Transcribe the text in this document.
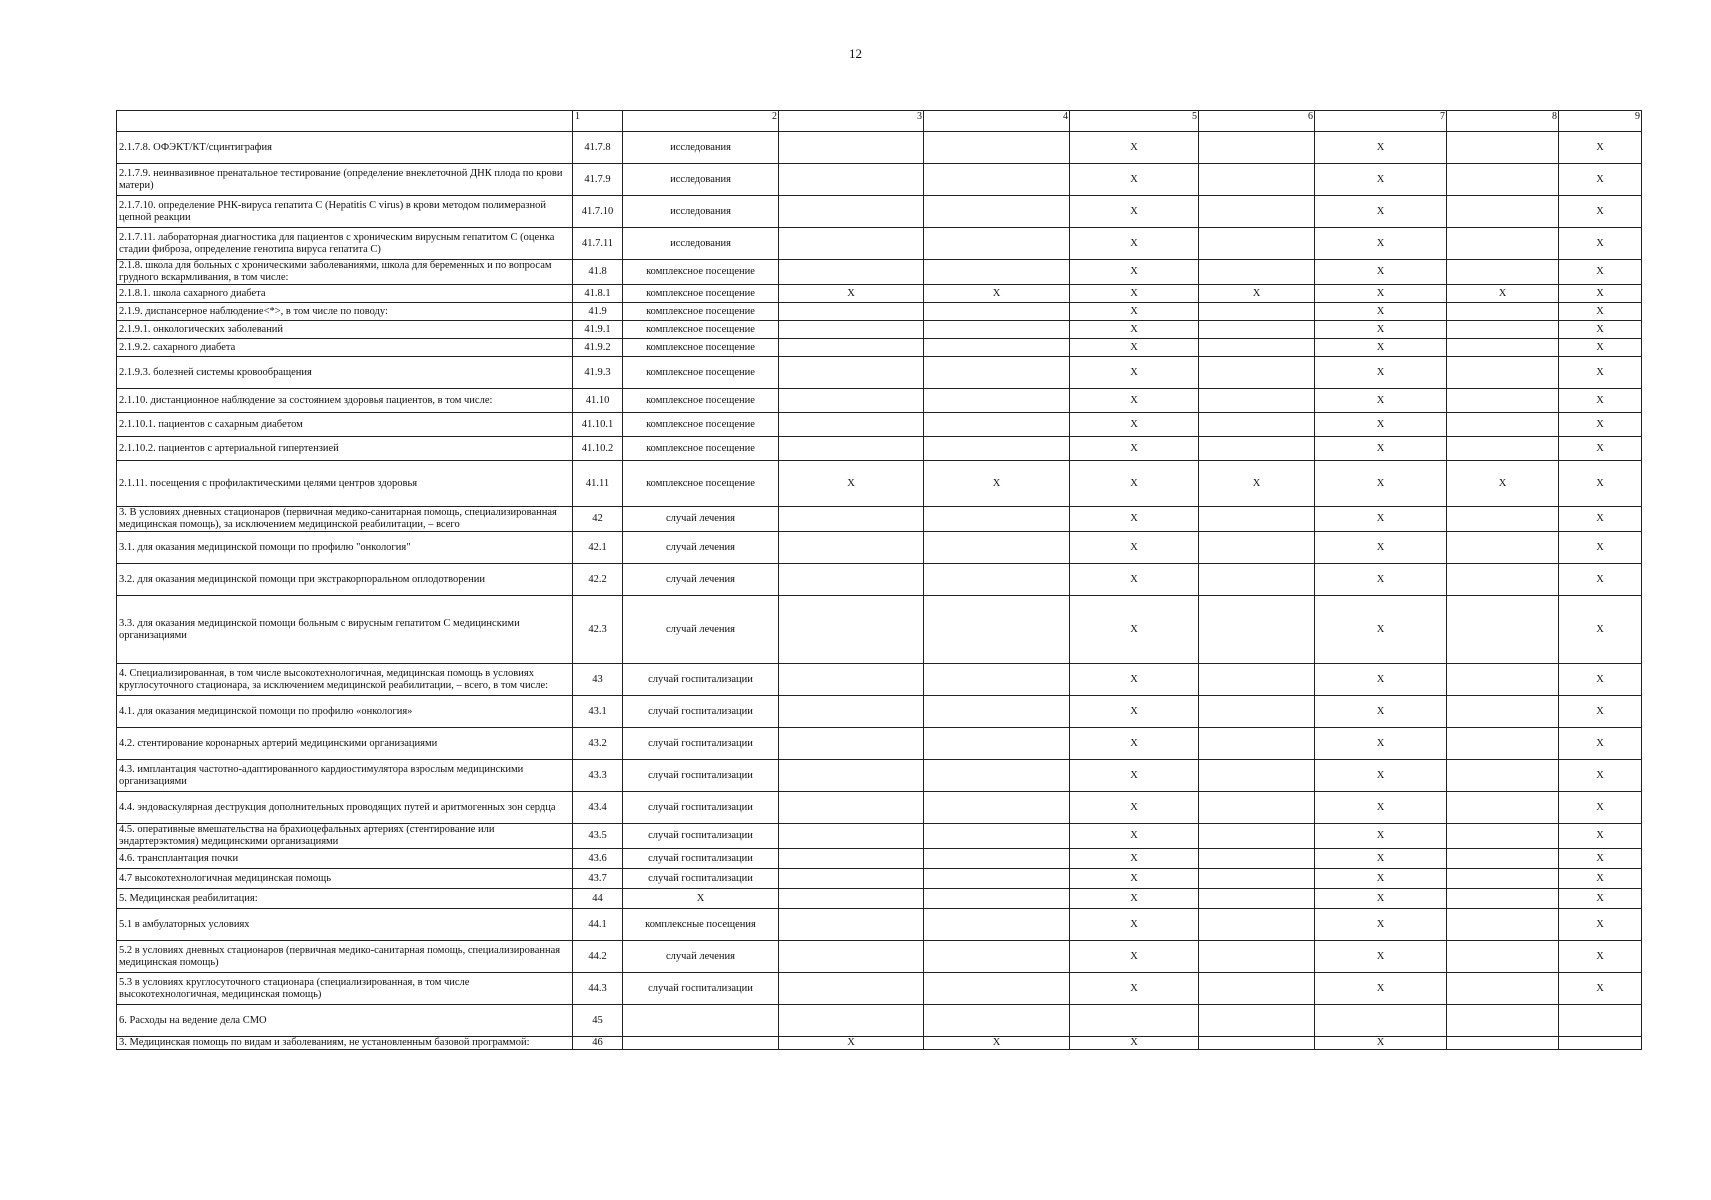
12
	1	2	3	4	5	6	7	8	9
2.1.7.8. ОФЭКТ/КТ/сцинтиграфия	41.7.8	исследования			X		X		X
2.1.7.9. неинвазивное пренатальное тестирование (определение внеклеточной ДНК плода по крови матери)	41.7.9	исследования			X		X		X
2.1.7.10. определение РНК-вируса гепатита С (Hepatitis C virus) в крови методом полимеразной цепной реакции	41.7.10	исследования			X		X		X
2.1.7.11. лабораторная диагностика для пациентов с хроническим вирусным гепатитом С (оценка стадии фиброза, определение генотипа вируса гепатита С)	41.7.11	исследования			X		X		X
2.1.8. школа для больных с хроническими заболеваниями, школа для беременных и по вопросам грудного вскармливания, в том числе:	41.8	комплексное посещение			X		X		X
2.1.8.1. школа сахарного диабета	41.8.1	комплексное посещение	X	X	X	X	X	X	X
2.1.9. диспансерное наблюдение<*>, в том числе по поводу:	41.9	комплексное посещение			X		X		X
2.1.9.1. онкологических заболеваний	41.9.1	комплексное посещение			X		X		X
2.1.9.2. сахарного диабета	41.9.2	комплексное посещение			X		X		X
2.1.9.3. болезней системы кровообращения	41.9.3	комплексное посещение			X		X		X
2.1.10. дистанционное наблюдение за состоянием здоровья пациентов, в том числе:	41.10	комплексное посещение			X		X		X
2.1.10.1. пациентов с сахарным диабетом	41.10.1	комплексное посещение			X		X		X
2.1.10.2. пациентов с артериальной гипертензией	41.10.2	комплексное посещение			X		X		X
2.1.11. посещения с профилактическими целями центров здоровья	41.11	комплексное посещение	X	X	X	X	X	X	X
3. В условиях дневных стационаров (первичная медико-санитарная помощь, специализированная медицинская помощь), за исключением медицинской реабилитации, – всего	42	случай лечения			X		X		X
3.1. для оказания медицинской помощи по профилю "онкология"	42.1	случай лечения			X		X		X
3.2. для оказания медицинской помощи при экстракорпоральном оплодотворении	42.2	случай лечения			X		X		X
3.3. для оказания медицинской помощи больным с вирусным гепатитом С медицинскими организациями	42.3	случай лечения			X		X		X
4. Специализированная, в том числе высокотехнологичная, медицинская помощь в условиях круглосуточного стационара, за исключением медицинской реабилитации, – всего, в том числе:	43	случай госпитализации			X		X		X
4.1. для оказания медицинской помощи по профилю «онкология»	43.1	случай госпитализации			X		X		X
4.2. стентирование коронарных артерий медицинскими организациями	43.2	случай госпитализации			X		X		X
4.3. имплантация частотно-адаптированного кардиостимулятора взрослым медицинскими организациями	43.3	случай госпитализации			X		X		X
4.4. эндоваскулярная деструкция дополнительных проводящих путей и аритмогенных зон сердца	43.4	случай госпитализации			X		X		X
4.5. оперативные вмешательства на брахиоцефальных артериях (стентирование или эндартерэктомия) медицинскими организациями	43.5	случай госпитализации			X		X		X
4.6. трансплантация почки	43.6	случай госпитализации			X		X		X
4.7 высокотехнологичная медицинская помощь	43.7	случай госпитализации			X		X		X
5. Медицинская реабилитация:	44	X			X		X		X
5.1 в амбулаторных условиях	44.1	комплексные посещения			X		X		X
5.2 в условиях дневных стационаров (первичная медико-санитарная помощь, специализированная медицинская помощь)	44.2	случай лечения			X		X		X
5.3 в условиях круглосуточного стационара (специализированная, в том числе высокотехнологичная, медицинская помощь)	44.3	случай госпитализации			X		X		X
6. Расходы на ведение дела СМО	45								
3. Медицинская помощь по видам и заболеваниям, не установленным базовой программой:	46		X	X	X		X		
